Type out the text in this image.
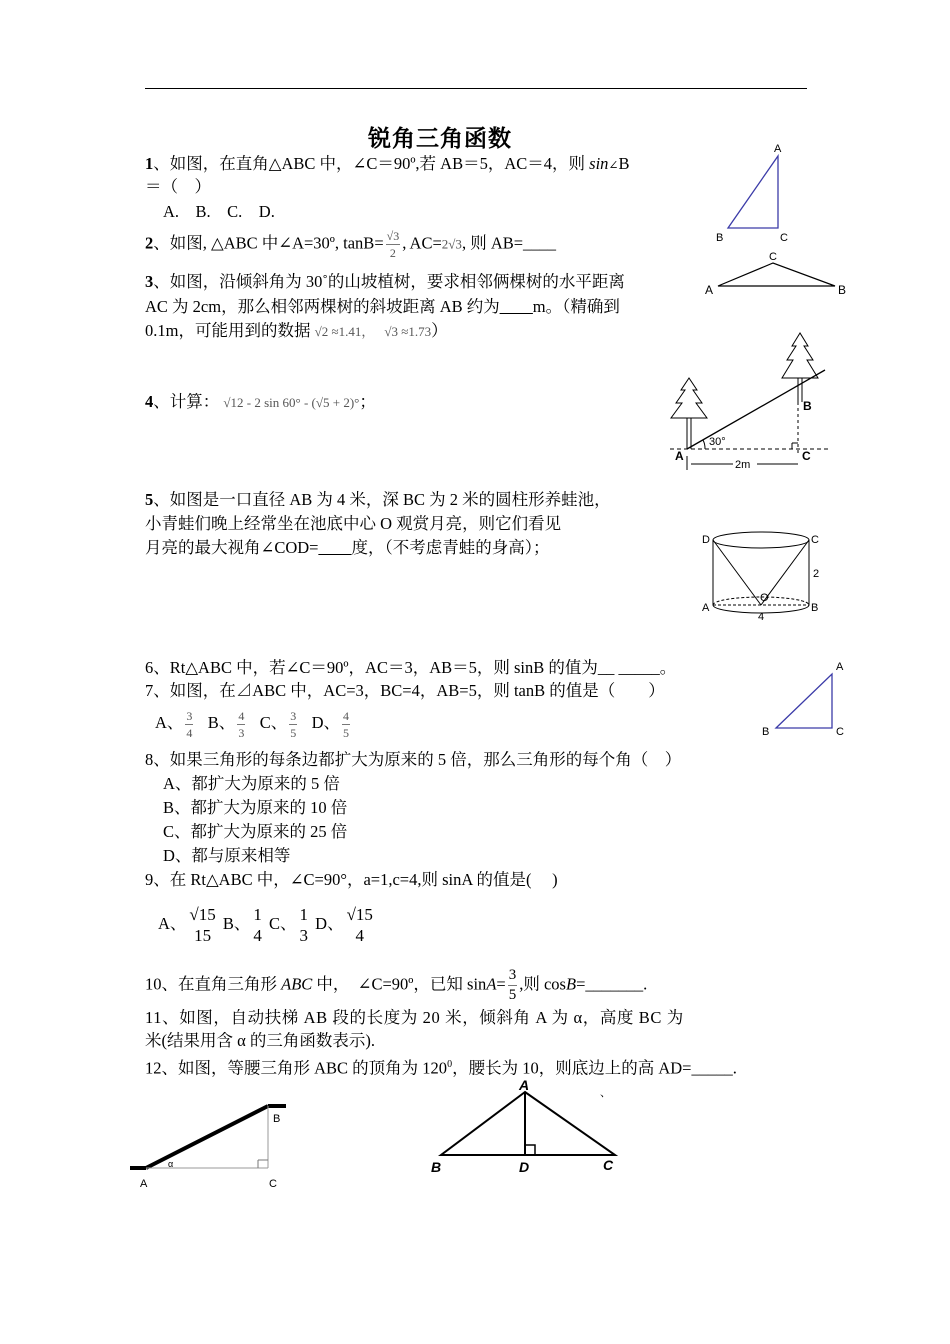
锐角三角函数
1、如图，在直角△ABC 中，∠C＝90º,若 AB＝5，AC＝4，则 sin∠B
＝（　）
A.　B.　C.　D.
A
B	C
2、如图, △ABC 中∠A=30º, $\tan B= \frac{√3}{2}$ , AC=2√3, 则 AB=____
C
A	B
3、如图，沿倾斜角为 30˚的山坡植树，要求相邻俩棵树的水平距离
AC 为 2cm，那么相邻两棵树的斜坡距离 AB 约为____m。（精确到
0.1m，可能用到的数据 √2 ≈1.41，　 √3 ≈1.73）
30°
2m
A
B
C
4、计算： √12 - 2 sin 60° - (√5 + 2)°；
5、如图是一口直径 AB 为 4 米，深 BC 为 2 米的圆柱形养蛙池，
小青蛙们晚上经常坐在池底中心 O 观赏月亮，则它们看见
月亮的最大视角∠COD=____度，（不考虑青蛙的身高）；	D	C
A	B
O
2
4
6、Rt△ABC 中，若∠C＝90º，AC＝3，AB＝5，则 sinB 的值为__ _____。
7、如图，在⊿ABC 中，AC=3，BC=4，AB=5，则 tanB 的值是（　　）
A、 $\frac{3}{4}$ B、 $\frac{4}{3}$ C、 $\frac{3}{5}$ D、 $\frac{4}{5}$
A
B	C
8、如果三角形的每条边都扩大为原来的 5 倍，那么三角形的每个角（　）
A、都扩大为原来的 5 倍
B、都扩大为原来的 10 倍
C、都扩大为原来的 25 倍
D、都与原来相等
9、在 Rt△ABC 中，∠C=90°，a=1,c=4,则 sinA 的值是(　 )
A、 √15
15
B、 1
4
C、 1
3
D、 √15
4
10、在直角三角形 ABC 中，　∠C=90º，已知 $\sin A= \frac{3}{5}$ ,则 cosB=_______.
11、如图，自动扶梯 AB 段的长度为 20 米，倾斜角 A 为 α，高度 BC 为
米(结果用含 α 的三角函数表示).
12、如图，等腰三角形 ABC 的顶角为 $120^0$，腰长为 10，则底边上的高 AD=_____.
α
A
B
C
A
B	C
D
、
